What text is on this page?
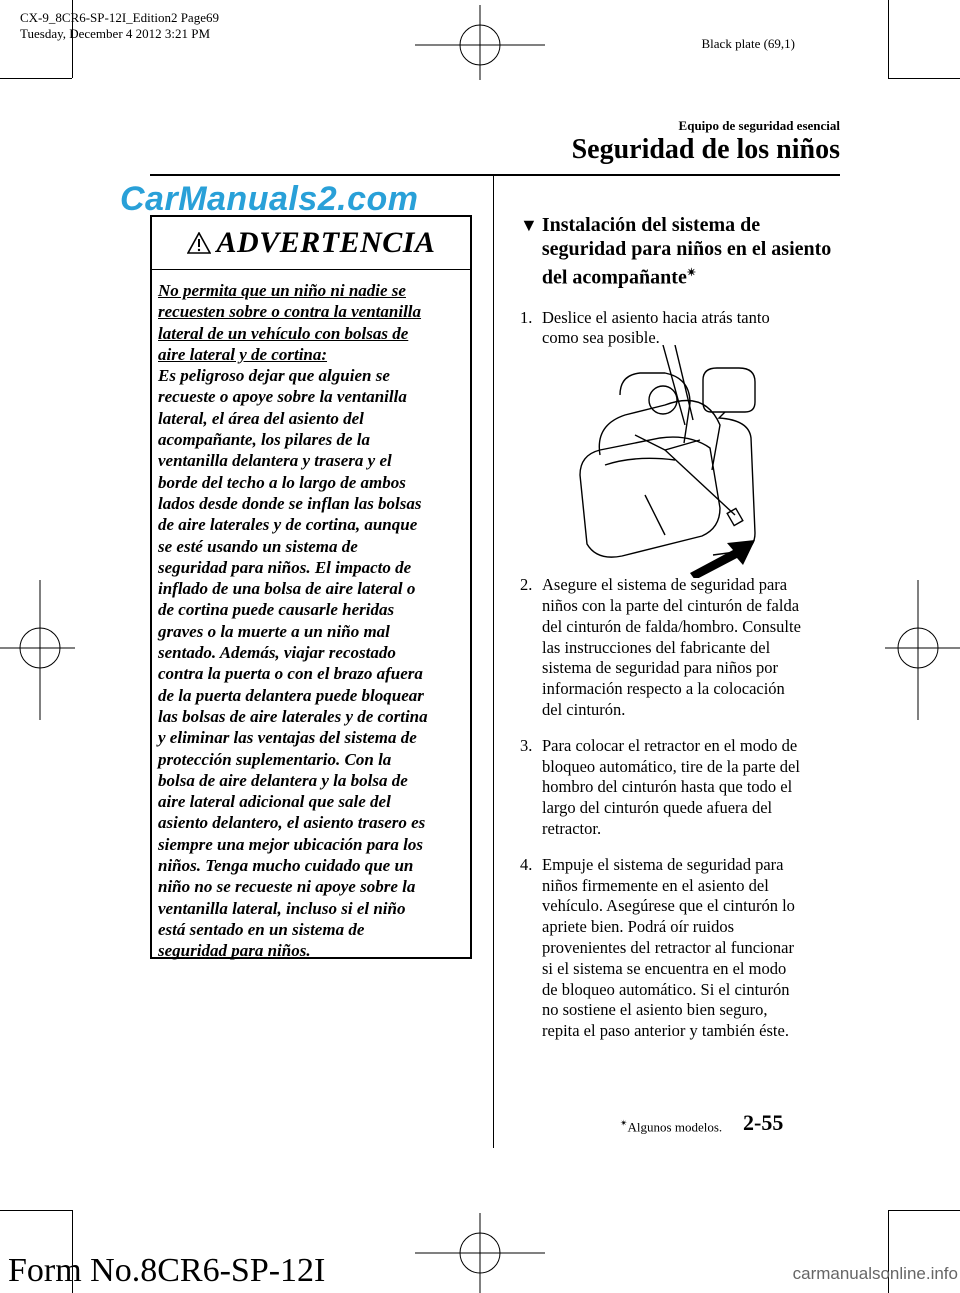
CX-9_8CR6-SP-12I_Edition2 Page69
Tuesday, December 4 2012 3:21 PM
Black plate (69,1)
Equipo de seguridad esencial
Seguridad de los niños
CarManuals2.com
ADVERTENCIA
No permita que un niño ni nadie se
recuesten sobre o contra la ventanilla
lateral de un vehículo con bolsas de
aire lateral y de cortina:
Es peligroso dejar que alguien se
recueste o apoye sobre la ventanilla
lateral, el área del asiento del
acompañante, los pilares de la
ventanilla delantera y trasera y el
borde del techo a lo largo de ambos
lados desde donde se inflan las bolsas
de aire laterales y de cortina, aunque
se esté usando un sistema de
seguridad para niños. El impacto de
inflado de una bolsa de aire lateral o
de cortina puede causarle heridas
graves o la muerte a un niño mal
sentado. Además, viajar recostado
contra la puerta o con el brazo afuera
de la puerta delantera puede bloquear
las bolsas de aire laterales y de cortina
y eliminar las ventajas del sistema de
protección suplementario. Con la
bolsa de aire delantera y la bolsa de
aire lateral adicional que sale del
asiento delantero, el asiento trasero es
siempre una mejor ubicación para los
niños. Tenga mucho cuidado que un
niño no se recueste ni apoye sobre la
ventanilla lateral, incluso si el niño
está sentado en un sistema de
seguridad para niños.
▼ Instalación del sistema de
seguridad para niños en el asiento
del acompañante✴
1. Deslice el asiento hacia atrás tanto
como sea posible.
2. Asegure el sistema de seguridad para
niños con la parte del cinturón de falda
del cinturón de falda/hombro. Consulte
las instrucciones del fabricante del
sistema de seguridad para niños por
información respecto a la colocación
del cinturón.
3. Para colocar el retractor en el modo de
bloqueo automático, tire de la parte del
hombro del cinturón hasta que todo el
largo del cinturón quede afuera del
retractor.
4. Empuje el sistema de seguridad para
niños firmemente en el asiento del
vehículo. Asegúrese que el cinturón lo
apriete bien. Podrá oír ruidos
provenientes del retractor al funcionar
si el sistema se encuentra en el modo
de bloqueo automático. Si el cinturón
no sostiene el asiento bien seguro,
repita el paso anterior y también éste.
✴Algunos modelos. 2-55
Form No.8CR6-SP-12I	carmanualsonline.info
